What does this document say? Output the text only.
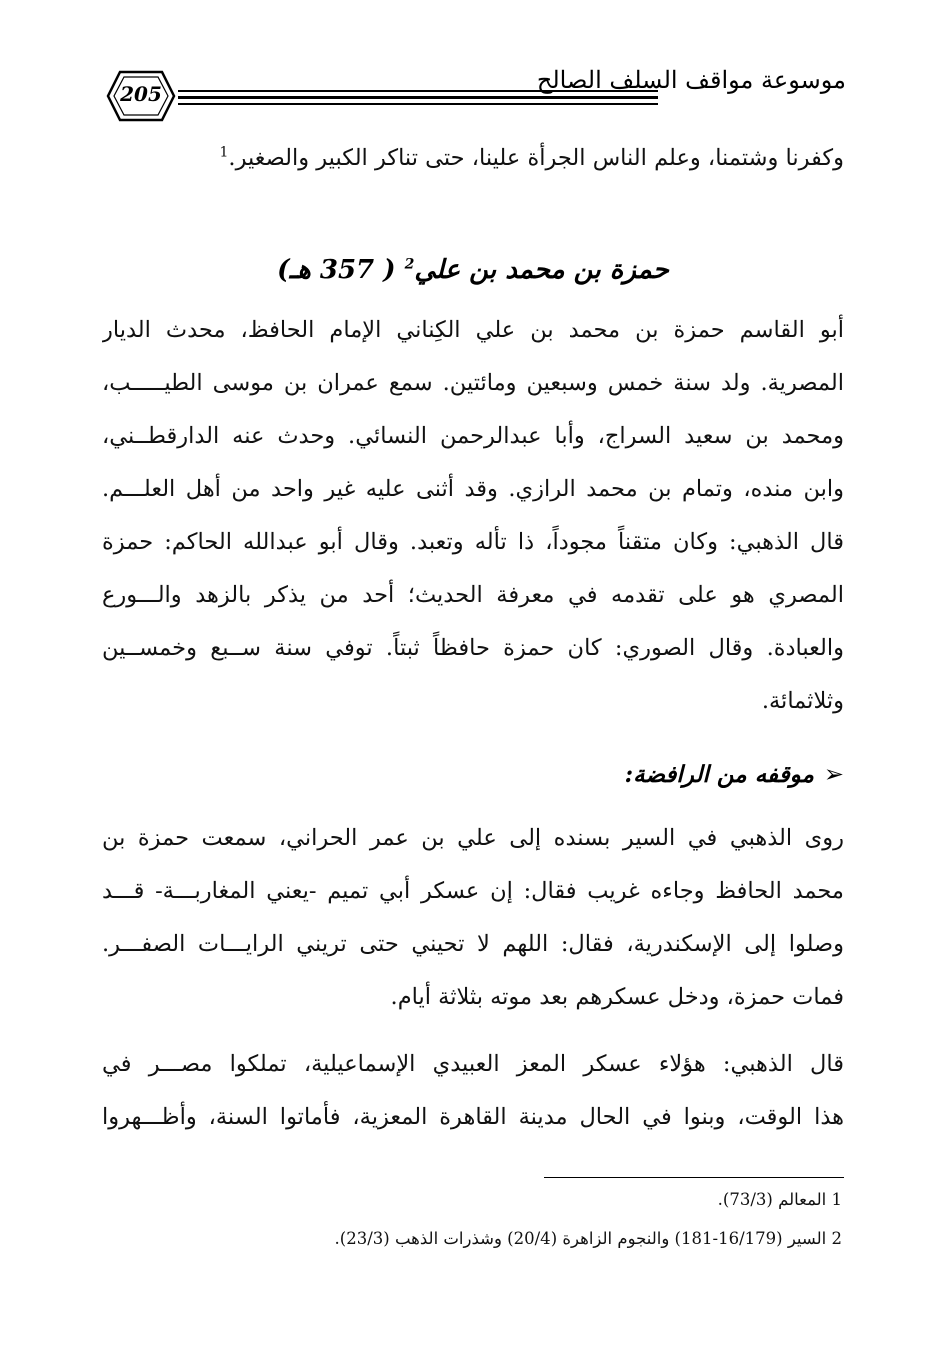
205	موسوعة مواقف السلف الصالح
وكفرنا وشتمنا، وعلم الناس الجرأة علينا، حتى تناكر الكبير والصغير.$^1$
حمزة بن محمد بن علي$^2$ ( 357 هـ)
أبو القاسم حمزة بن محمد بن علي الكِناني الإمام الحافظ، محدث الديار
المصرية. ولد سنة خمس وسبعين ومائتين. سمع عمران بن موسى الطيـــــب،
ومحمد بن سعيد السراج، وأبا عبدالرحمن النسائي. وحدث عنه الدارقطــني،
وابن منده، وتمام بن محمد الرازي. وقد أثنى عليه غير واحد من أهل العلـــم.
قال الذهبي: وكان متقناً مجوداً، ذا تأله وتعبد. وقال أبو عبدالله الحاكم: حمزة
المصري هو على تقدمه في معرفة الحديث؛ أحد من يذكر بالزهد والـــورع
والعبادة. وقال الصوري: كان حمزة حافظاً ثبتاً. توفي سنة ســبع وخمســين
وثلاثمائة.
➢
موقفه من الرافضة:
روى الذهبي في السير بسنده إلى علي بن عمر الحراني، سمعت حمزة بن
محمد الحافظ وجاءه غريب فقال: إن عسكر أبي تميم -يعني المغاربـــة- قـــد
وصلوا إلى الإسكندرية، فقال: اللهم لا تحيني حتى تريني الرايـــات الصفـــر.
فمات حمزة، ودخل عسكرهم بعد موته بثلاثة أيام.
قال الذهبي: هؤلاء عسكر المعز العبيدي الإسماعيلية، تملكوا مصـــر في
هذا الوقت، وبنوا في الحال مدينة القاهرة المعزية، فأماتوا السنة، وأظـــهروا
1 المعالم (73/3).
2 السير (16/179-181) والنجوم الزاهرة (20/4) وشذرات الذهب (23/3).
